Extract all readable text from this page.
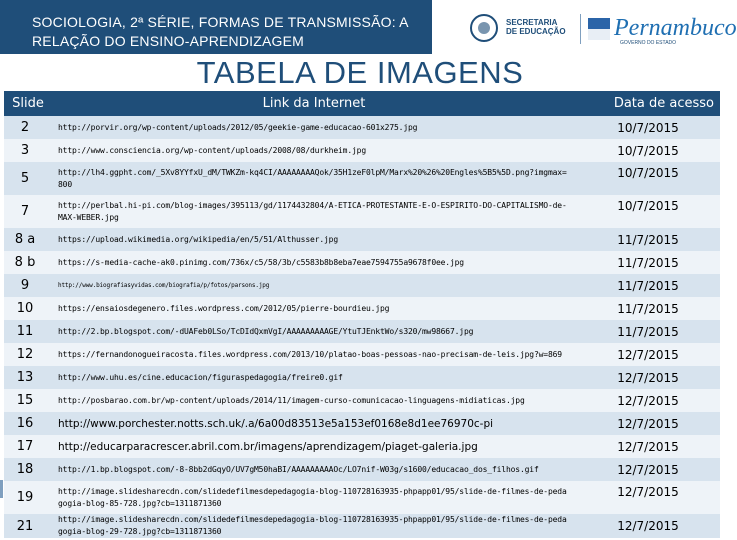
SOCIOLOGIA, 2ª SÉRIE, FORMAS DE TRANSMISSÃO: A
RELAÇÃO DO ENSINO-APRENDIZAGEM
SECRETARIA
DE EDUCAÇÃO Pernambuco
GOVERNO DO ESTADO
TABELA DE IMAGENS
Slide	Link da Internet	Data de acesso
2	http://porvir.org/wp-content/uploads/2012/05/geekie-game-educacao-601x275.jpg	10/7/2015
3	http://www.consciencia.org/wp-content/uploads/2008/08/durkheim.jpg	10/7/2015
5	http://lh4.ggpht.com/_5Xv8YYfxU_dM/TWKZm-kq4CI/AAAAAAAAQok/35H1zeF0lpM/Marx%20%26%20Engles%5B5%5D.png?imgmax=800	10/7/2015
7	http://perlbal.hi-pi.com/blog-images/395113/gd/1174432804/A-ETICA-PROTESTANTE-E-O-ESPIRITO-DO-CAPITALISMO-de-MAX-WEBER.jpg	10/7/2015
8 a	https://upload.wikimedia.org/wikipedia/en/5/51/Althusser.jpg	11/7/2015
8 b	https://s-media-cache-ak0.pinimg.com/736x/c5/58/3b/c5583b8b8eba7eae7594755a9678f0ee.jpg	11/7/2015
9	http://www.biografiasyvidas.com/biografia/p/fotos/parsons.jpg	11/7/2015
10	https://ensaiosdegenero.files.wordpress.com/2012/05/pierre-bourdieu.jpg	11/7/2015
11	http://2.bp.blogspot.com/-dUAFeb0LSo/TcDIdQxmVgI/AAAAAAAAAGE/YtuTJEnktWo/s320/mw98667.jpg	11/7/2015
12	https://fernandonogueiracosta.files.wordpress.com/2013/10/platao-boas-pessoas-nao-precisam-de-leis.jpg?w=869	12/7/2015
13	http://www.uhu.es/cine.educacion/figuraspedagogia/freire0.gif	12/7/2015
15	http://posbarao.com.br/wp-content/uploads/2014/11/imagem-curso-comunicacao-linguagens-midiaticas.jpg	12/7/2015
16	http://www.porchester.notts.sch.uk/.a/6a00d83513e5a153ef0168e8d1ee76970c-pi	12/7/2015
17	http://educarparacrescer.abril.com.br/imagens/aprendizagem/piaget-galeria.jpg	12/7/2015
18	http://1.bp.blogspot.com/-8-8bb2dGqyO/UV7gM50haBI/AAAAAAAAAOc/LO7nif-W03g/s1600/educacao_dos_filhos.gif	12/7/2015
19	http://image.slidesharecdn.com/slidedefilmesdepedagogia-blog-110728163935-phpapp01/95/slide-de-filmes-de-pedagogia-blog-85-728.jpg?cb=1311871360	12/7/2015
21	http://image.slidesharecdn.com/slidedefilmesdepedagogia-blog-110728163935-phpapp01/95/slide-de-filmes-de-pedagogia-blog-29-728.jpg?cb=1311871360	12/7/2015
